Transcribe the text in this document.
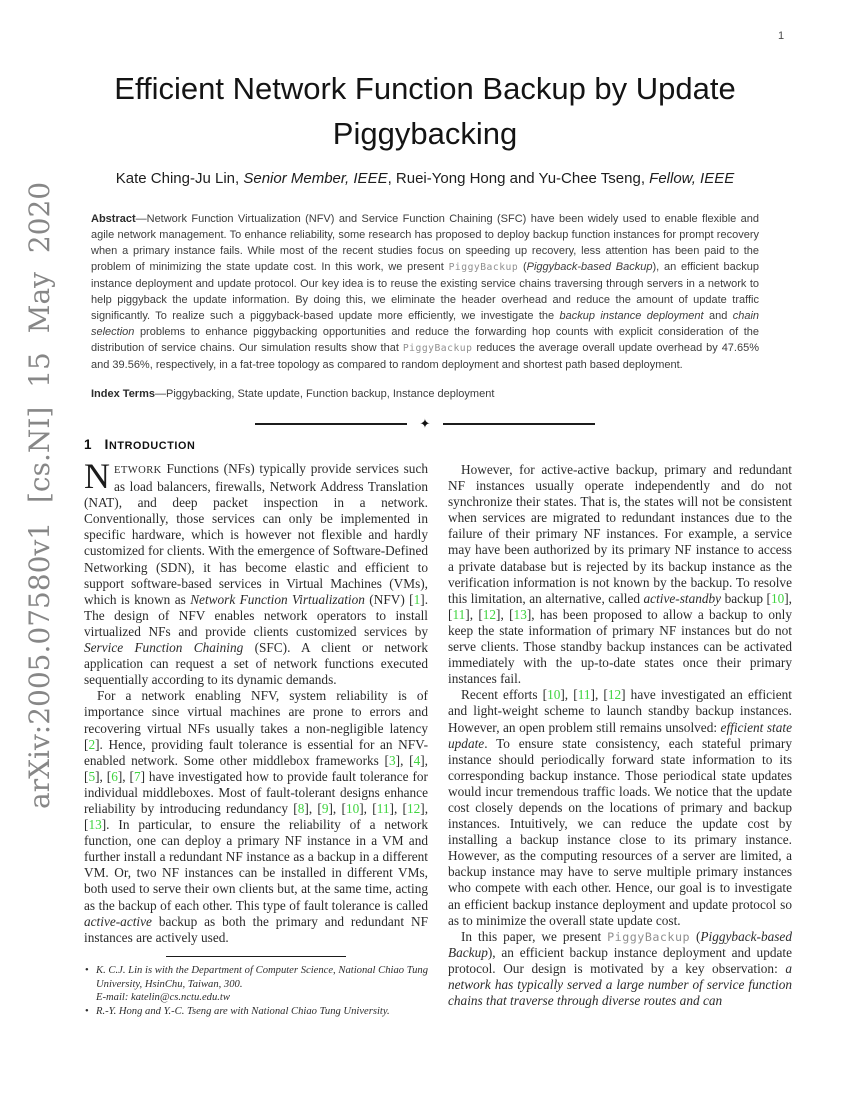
1
arXiv:2005.07580v1 [cs.NI] 15 May 2020
Efficient Network Function Backup by Update Piggybacking
Kate Ching-Ju Lin, Senior Member, IEEE, Ruei-Yong Hong and Yu-Chee Tseng, Fellow, IEEE
Abstract—Network Function Virtualization (NFV) and Service Function Chaining (SFC) have been widely used to enable flexible and agile network management. To enhance reliability, some research has proposed to deploy backup function instances for prompt recovery when a primary instance fails. While most of the recent studies focus on speeding up recovery, less attention has been paid to the problem of minimizing the state update cost. In this work, we present PiggyBackup (Piggyback-based Backup), an efficient backup instance deployment and update protocol. Our key idea is to reuse the existing service chains traversing through servers in a network to help piggyback the update information. By doing this, we eliminate the header overhead and reduce the amount of update traffic significantly. To realize such a piggyback-based update more efficiently, we investigate the backup instance deployment and chain selection problems to enhance piggybacking opportunities and reduce the forwarding hop counts with explicit consideration of the distribution of service chains. Our simulation results show that PiggyBackup reduces the average overall update overhead by 47.65% and 39.56%, respectively, in a fat-tree topology as compared to random deployment and shortest path based deployment.
Index Terms—Piggybacking, State update, Function backup, Instance deployment
✦
1 INTRODUCTION

NETWORK Functions (NFs) typically provide services such as load balancers, firewalls, Network Address Translation (NAT), and deep packet inspection in a network. Conventionally, those services can only be implemented in specific hardware, which is however not flexible and hardly customized for clients. With the emergence of Software-Defined Networking (SDN), it has become elastic and efficient to support software-based services in Virtual Machines (VMs), which is known as Network Function Virtualization (NFV) [1]. The design of NFV enables network operators to install virtualized NFs and provide clients customized services by Service Function Chaining (SFC). A client or network application can request a set of network functions executed sequentially according to its dynamic demands.

For a network enabling NFV, system reliability is of importance since virtual machines are prone to errors and recovering virtual NFs usually takes a non-negligible latency [2]. Hence, providing fault tolerance is essential for an NFV-enabled network. Some other middlebox frameworks [3], [4], [5], [6], [7] have investigated how to provide fault tolerance for individual middleboxes. Most of fault-tolerant designs enhance reliability by introducing redundancy [8], [9], [10], [11], [12], [13]. In particular, to ensure the reliability of a network function, one can deploy a primary NF instance in a VM and further install a redundant NF instance as a backup in a different VM. Or, two NF instances can be installed in different VMs, both used to serve their own clients but, at the same time, acting as the backup of each other. This type of fault tolerance is called active-active backup as both the primary and redundant NF instances are actively used.

• K. C.J. Lin is with the Department of Computer Science, National Chiao Tung University, HsinChu, Taiwan, 300.
E-mail: katelin@cs.nctu.edu.tw
• R.-Y. Hong and Y.-C. Tseng are with National Chiao Tung University.

However, for active-active backup, primary and redundant NF instances usually operate independently and do not synchronize their states. That is, the states will not be consistent when services are migrated to redundant instances due to the failure of their primary NF instances. For example, a service may have been authorized by its primary NF instance to access a private database but is rejected by its backup instance as the verification information is not known by the backup. To resolve this limitation, an alternative, called active-standby backup [10], [11], [12], [13], has been proposed to allow a backup to only keep the state information of primary NF instances but do not serve clients. Those standby backup instances can be activated immediately with the up-to-date states once their primary instances fail.

Recent efforts [10], [11], [12] have investigated an efficient and light-weight scheme to launch standby backup instances. However, an open problem still remains unsolved: efficient state update. To ensure state consistency, each stateful primary instance should periodically forward state information to its corresponding backup instance. Those periodical state updates would incur tremendous traffic loads. We notice that the update cost closely depends on the locations of primary and backup instances. Intuitively, we can reduce the update cost by installing a backup instance close to its primary instance. However, as the computing resources of a server are limited, a backup instance may have to serve multiple primary instances who compete with each other. Hence, our goal is to investigate an efficient backup instance deployment and update protocol so as to minimize the overall state update cost.

In this paper, we present PiggyBackup (Piggyback-based Backup), an efficient backup instance deployment and update protocol. Our design is motivated by a key observation: a network has typically served a large number of service function chains that traverse through diverse routes and can
